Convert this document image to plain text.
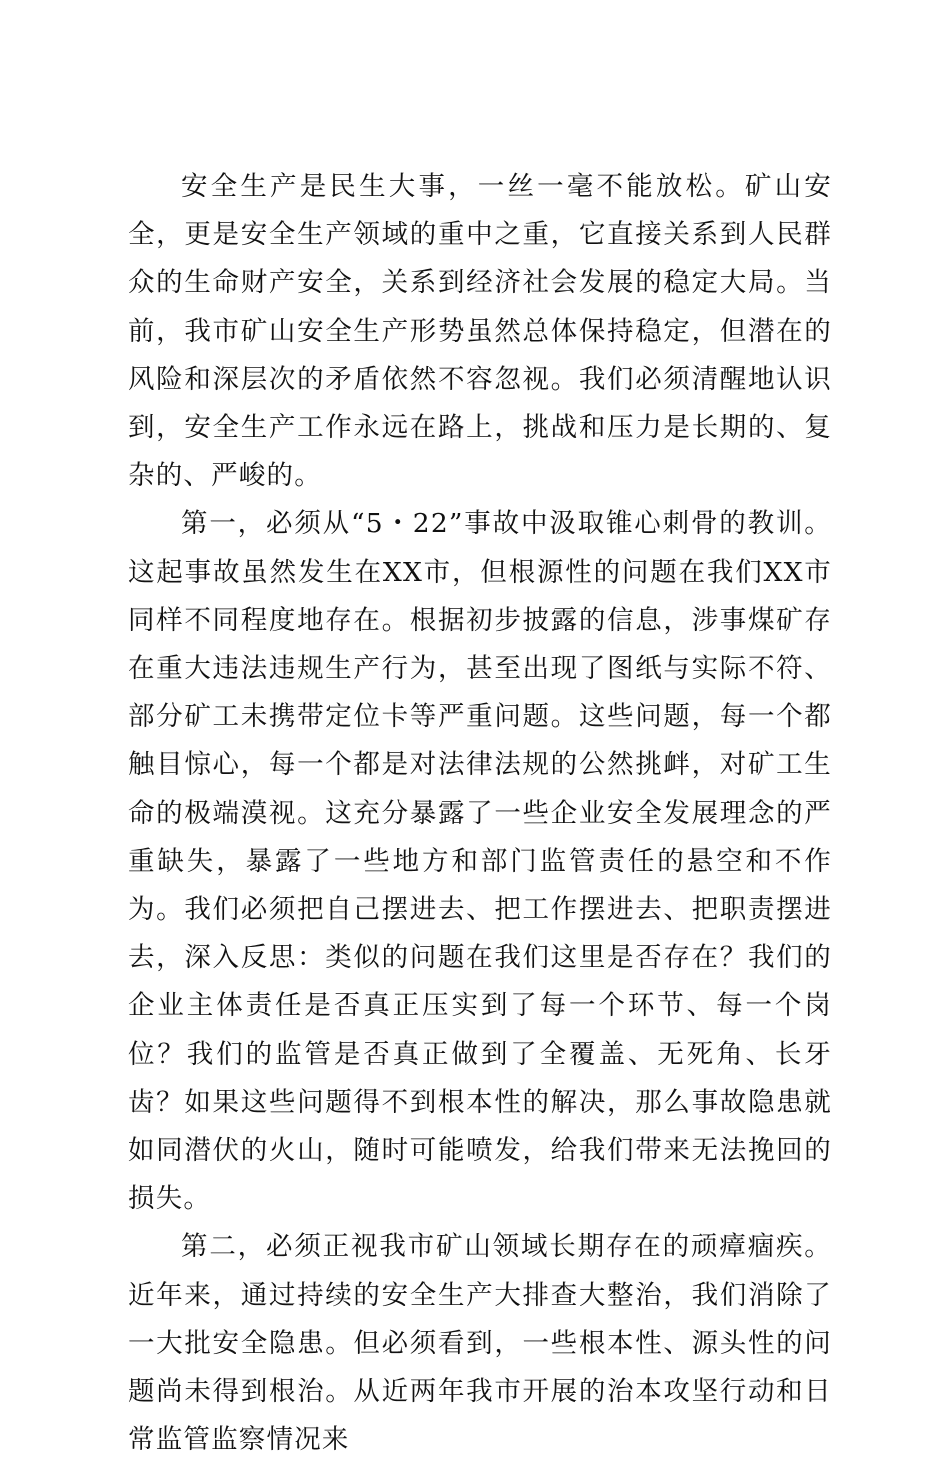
安全生产是民生大事，一丝一毫不能放松。矿山安全，更是安全生产领域的重中之重，它直接关系到人民群众的生命财产安全，关系到经济社会发展的稳定大局。当前，我市矿山安全生产形势虽然总体保持稳定，但潜在的风险和深层次的矛盾依然不容忽视。我们必须清醒地认识到，安全生产工作永远在路上，挑战和压力是长期的、复杂的、严峻的。

第一，必须从“5・22”事故中汲取锥心刺骨的教训。这起事故虽然发生在XX市，但根源性的问题在我们XX市同样不同程度地存在。根据初步披露的信息，涉事煤矿存在重大违法违规生产行为，甚至出现了图纸与实际不符、部分矿工未携带定位卡等严重问题。这些问题，每一个都触目惊心，每一个都是对法律法规的公然挑衅，对矿工生命的极端漠视。这充分暴露了一些企业安全发展理念的严重缺失，暴露了一些地方和部门监管责任的悬空和不作为。我们必须把自己摆进去、把工作摆进去、把职责摆进去，深入反思：类似的问题在我们这里是否存在？我们的企业主体责任是否真正压实到了每一个环节、每一个岗位？我们的监管是否真正做到了全覆盖、无死角、长牙齿？如果这些问题得不到根本性的解决，那么事故隐患就如同潜伏的火山，随时可能喷发，给我们带来无法挽回的损失。

第二，必须正视我市矿山领域长期存在的顽瘴痼疾。近年来，通过持续的安全生产大排查大整治，我们消除了一大批安全隐患。但必须看到，一些根本性、源头性的问题尚未得到根治。从近两年我市开展的治本攻坚行动和日常监管监察情况来
